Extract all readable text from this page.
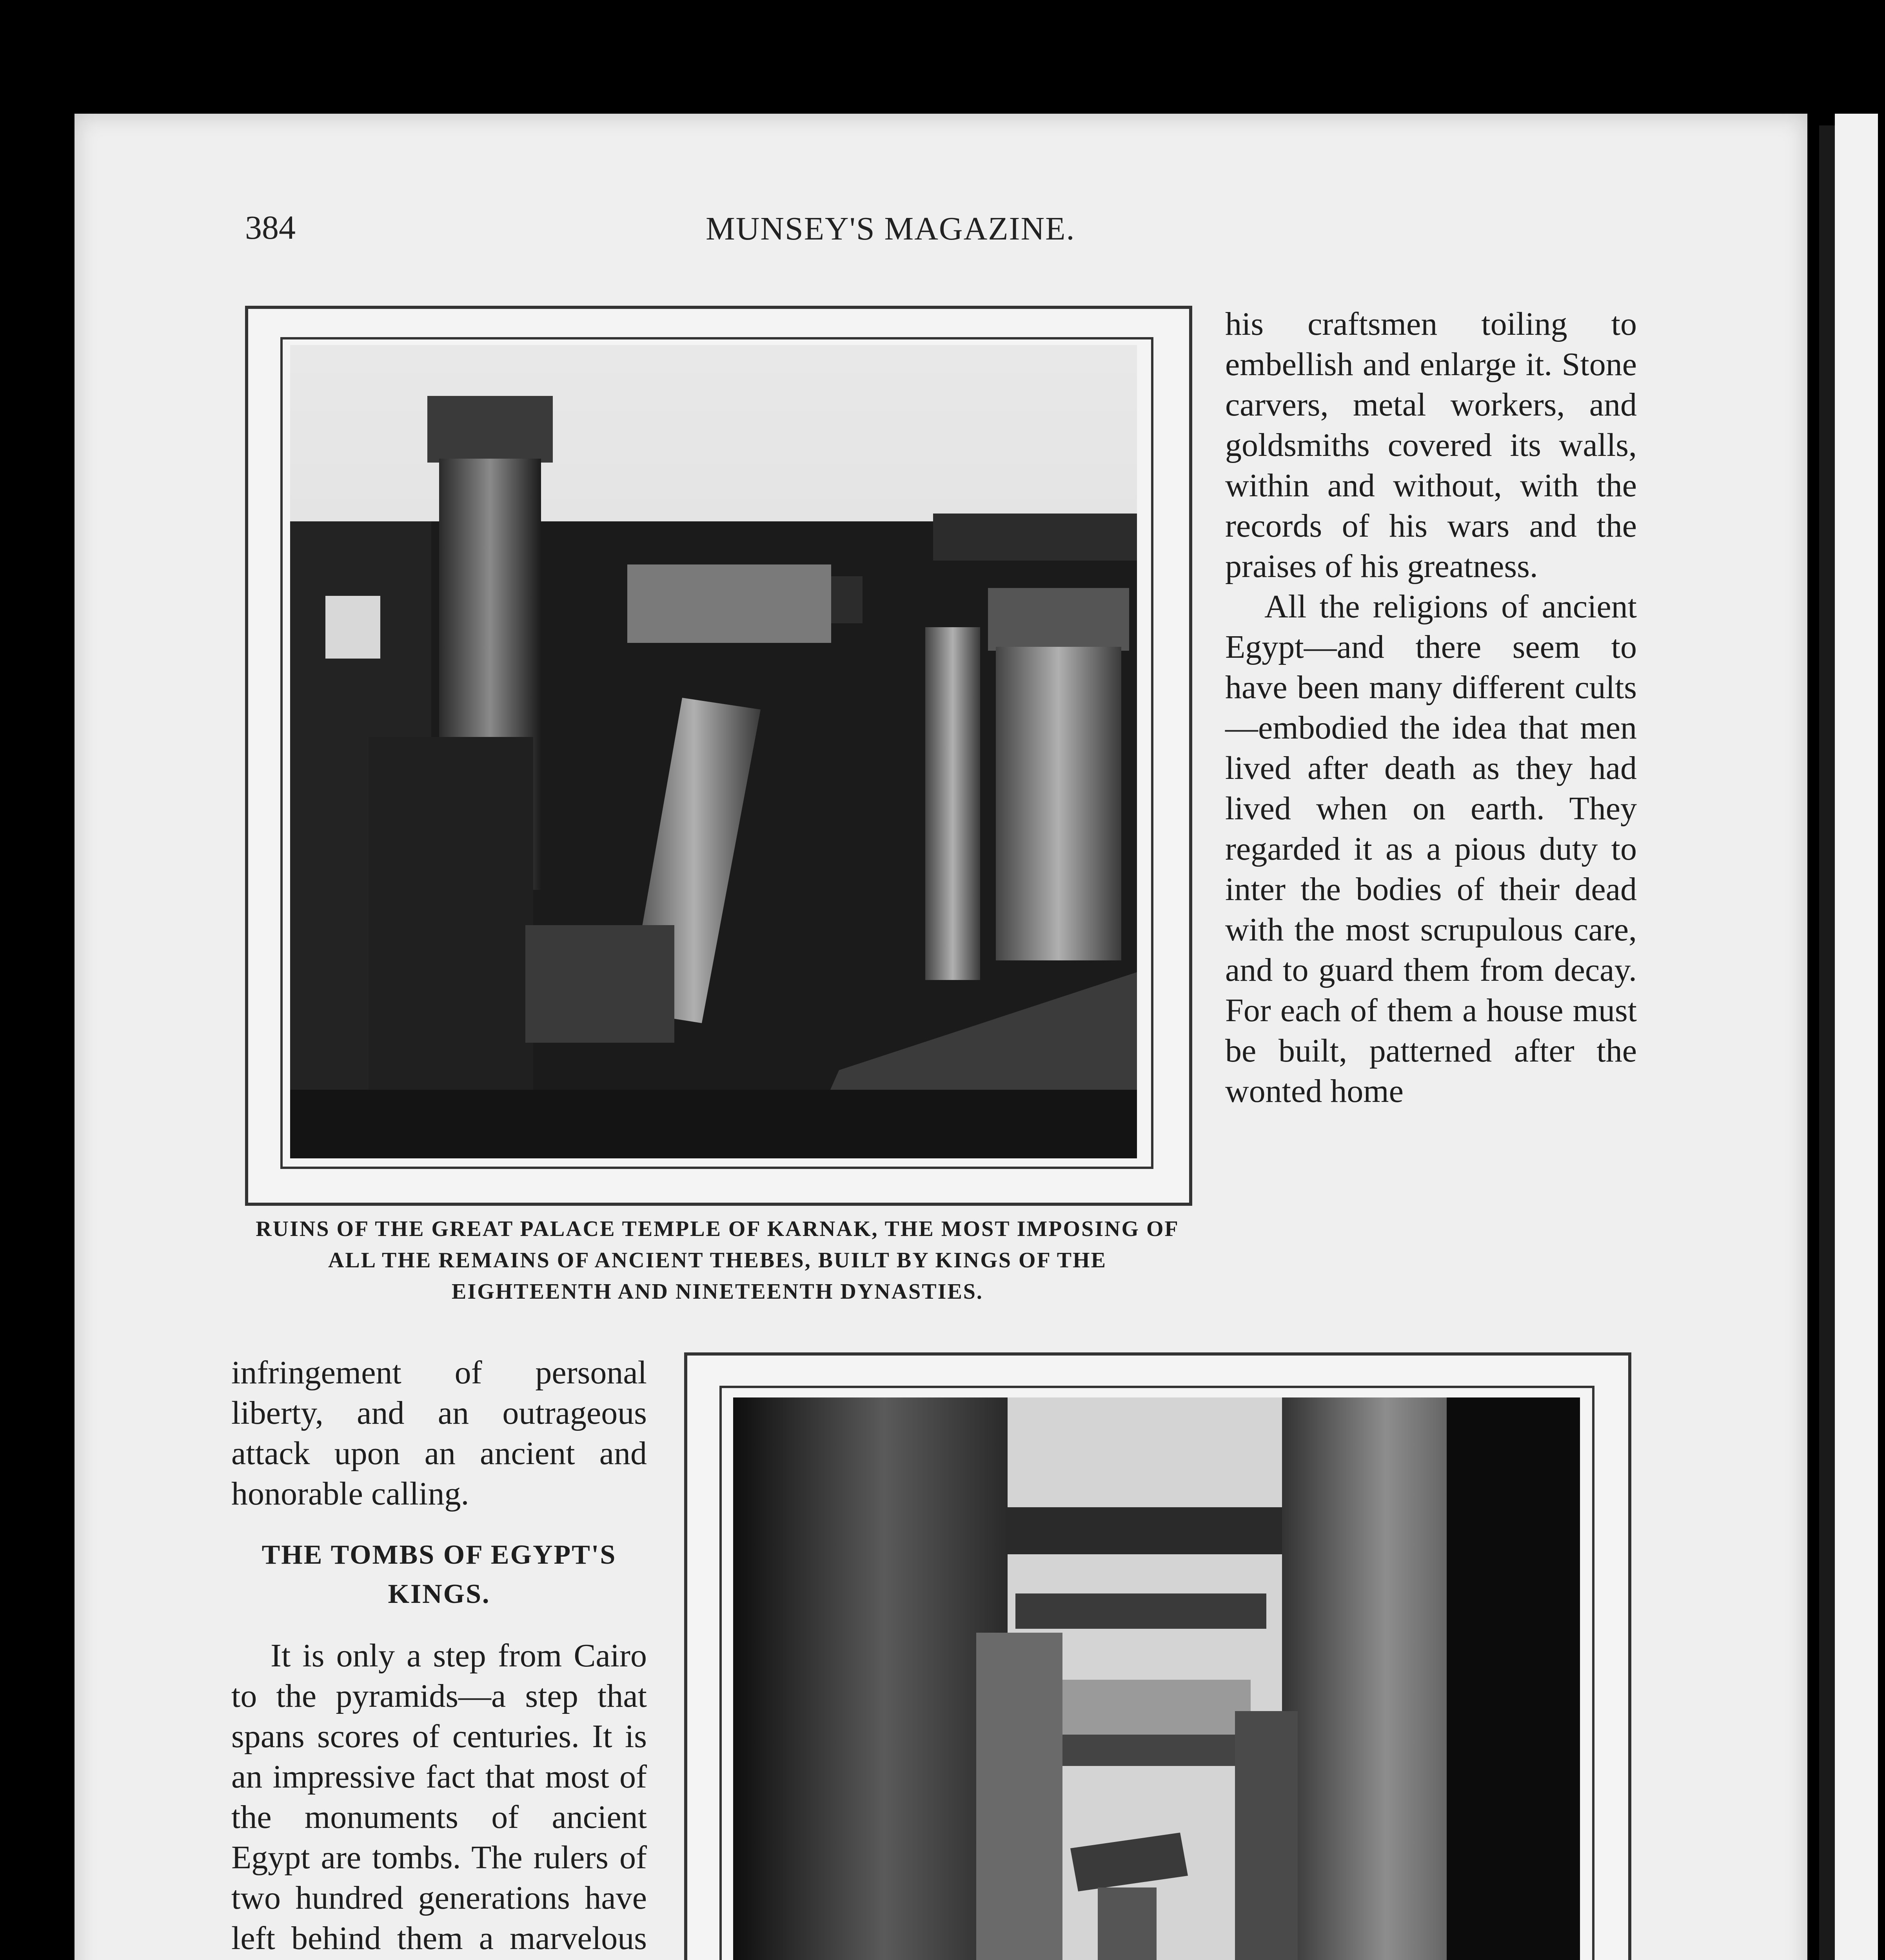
384	MUNSEY'S MAGAZINE.
RUINS OF THE GREAT PALACE TEMPLE OF KARNAK, THE MOST IMPOSING OF ALL THE REMAINS OF ANCIENT THEBES, BUILT BY KINGS OF THE EIGHTEENTH AND NINETEENTH DYNASTIES.

his craftsmen toiling to embellish and enlarge it. Stone carvers, metal workers, and goldsmiths covered its walls, within and without, with the records of his wars and the praises of his greatness.

All the religions of ancient Egypt—and there seem to have been many different cults—embodied the idea that men lived after death as they had lived when on earth. They regarded it as a pious duty to inter the bodies of their dead with the most scrupulous care, and to guard them from decay. For each of them a house must be built, patterned after the wonted home

infringement of personal liberty, and an outrageous attack upon an ancient and honorable calling.

THE TOMBS OF EGYPT'S KINGS.

It is only a step from Cairo to the pyramids—a step that spans scores of centuries. It is an impressive fact that most of the monuments of ancient Egypt are tombs. The rulers of two hundred generations have left behind them a marvelous
